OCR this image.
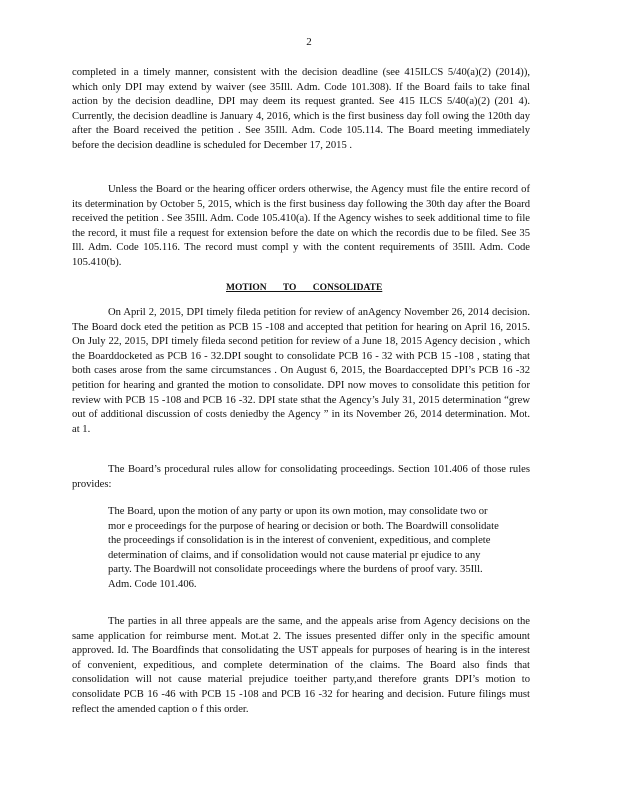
2

completed in a timely manner, consistent with the decision deadline (see 415ILCS 5/40(a)(2) (2014)), which only DPI may extend by waiver (see 35Ill. Adm. Code 101.308). If the Board fails to take final action by the decision deadline, DPI may deem its request granted. See 415 ILCS 5/40(a)(2) (201 4). Currently, the decision deadline is January 4, 2016, which is the first business day foll owing the 120th day after the Board received the petition . See 35Ill. Adm. Code 105.114. The Board meeting immediately before the decision deadline is scheduled for December 17, 2015 .

Unless the Board or the hearing officer orders otherwise, the Agency must file the entire record of its determination by October 5, 2015, which is the first business day following the 30th day after the Board received the petition . See 35Ill. Adm. Code 105.410(a). If the Agency wishes to seek additional time to file the record, it must file a request for extension before the date on which the recordis due to be filed. See 35 Ill. Adm. Code 105.116. The record must compl y with the content requirements of 35Ill. Adm. Code 105.410(b).

MOTION TO CONSOLIDATE

On April 2, 2015, DPI timely fileda petition for review of anAgency November 26, 2014 decision. The Board dock eted the petition as PCB 15 -108 and accepted that petition for hearing on April 16, 2015. On July 22, 2015, DPI timely fileda second petition for review of a June 18, 2015 Agency decision , which the Boarddocketed as PCB 16 - 32.DPI sought to consolidate PCB 16 - 32 with PCB 15 -108 , stating that both cases arose from the same circumstances . On August 6, 2015, the Boardaccepted DPI’s PCB 16 -32 petition for hearing and granted the motion to consolidate. DPI now moves to consolidate this petition for review with PCB 15 -108 and PCB 16 -32. DPI state sthat the Agency’s July 31, 2015 determination “grew out of additional discussion of costs deniedby the Agency ” in its November 26, 2014 determination. Mot. at 1.

The Board’s procedural rules allow for consolidating proceedings. Section 101.406 of those rules provides:

The Board, upon the motion of any party or upon its own motion, may consolidate two or mor e proceedings for the purpose of hearing or decision or both. The Boardwill consolidate the proceedings if consolidation is in the interest of convenient, expeditious, and complete determination of claims, and if consolidation would not cause material pr ejudice to any party. The Boardwill not consolidate proceedings where the burdens of proof vary. 35Ill. Adm. Code 101.406.

The parties in all three appeals are the same, and the appeals arise from Agency decisions on the same application for reimburse ment. Mot.at 2. The issues presented differ only in the specific amount approved. Id. The Boardfinds that consolidating the UST appeals for purposes of hearing is in the interest of convenient, expeditious, and complete determination of the claims. The Board also finds that consolidation will not cause material prejudice toeither party,and therefore grants DPI’s motion to consolidate PCB 16 -46 with PCB 15 -108 and PCB 16 -32 for hearing and decision. Future filings must reflect the amended caption o f this order.
